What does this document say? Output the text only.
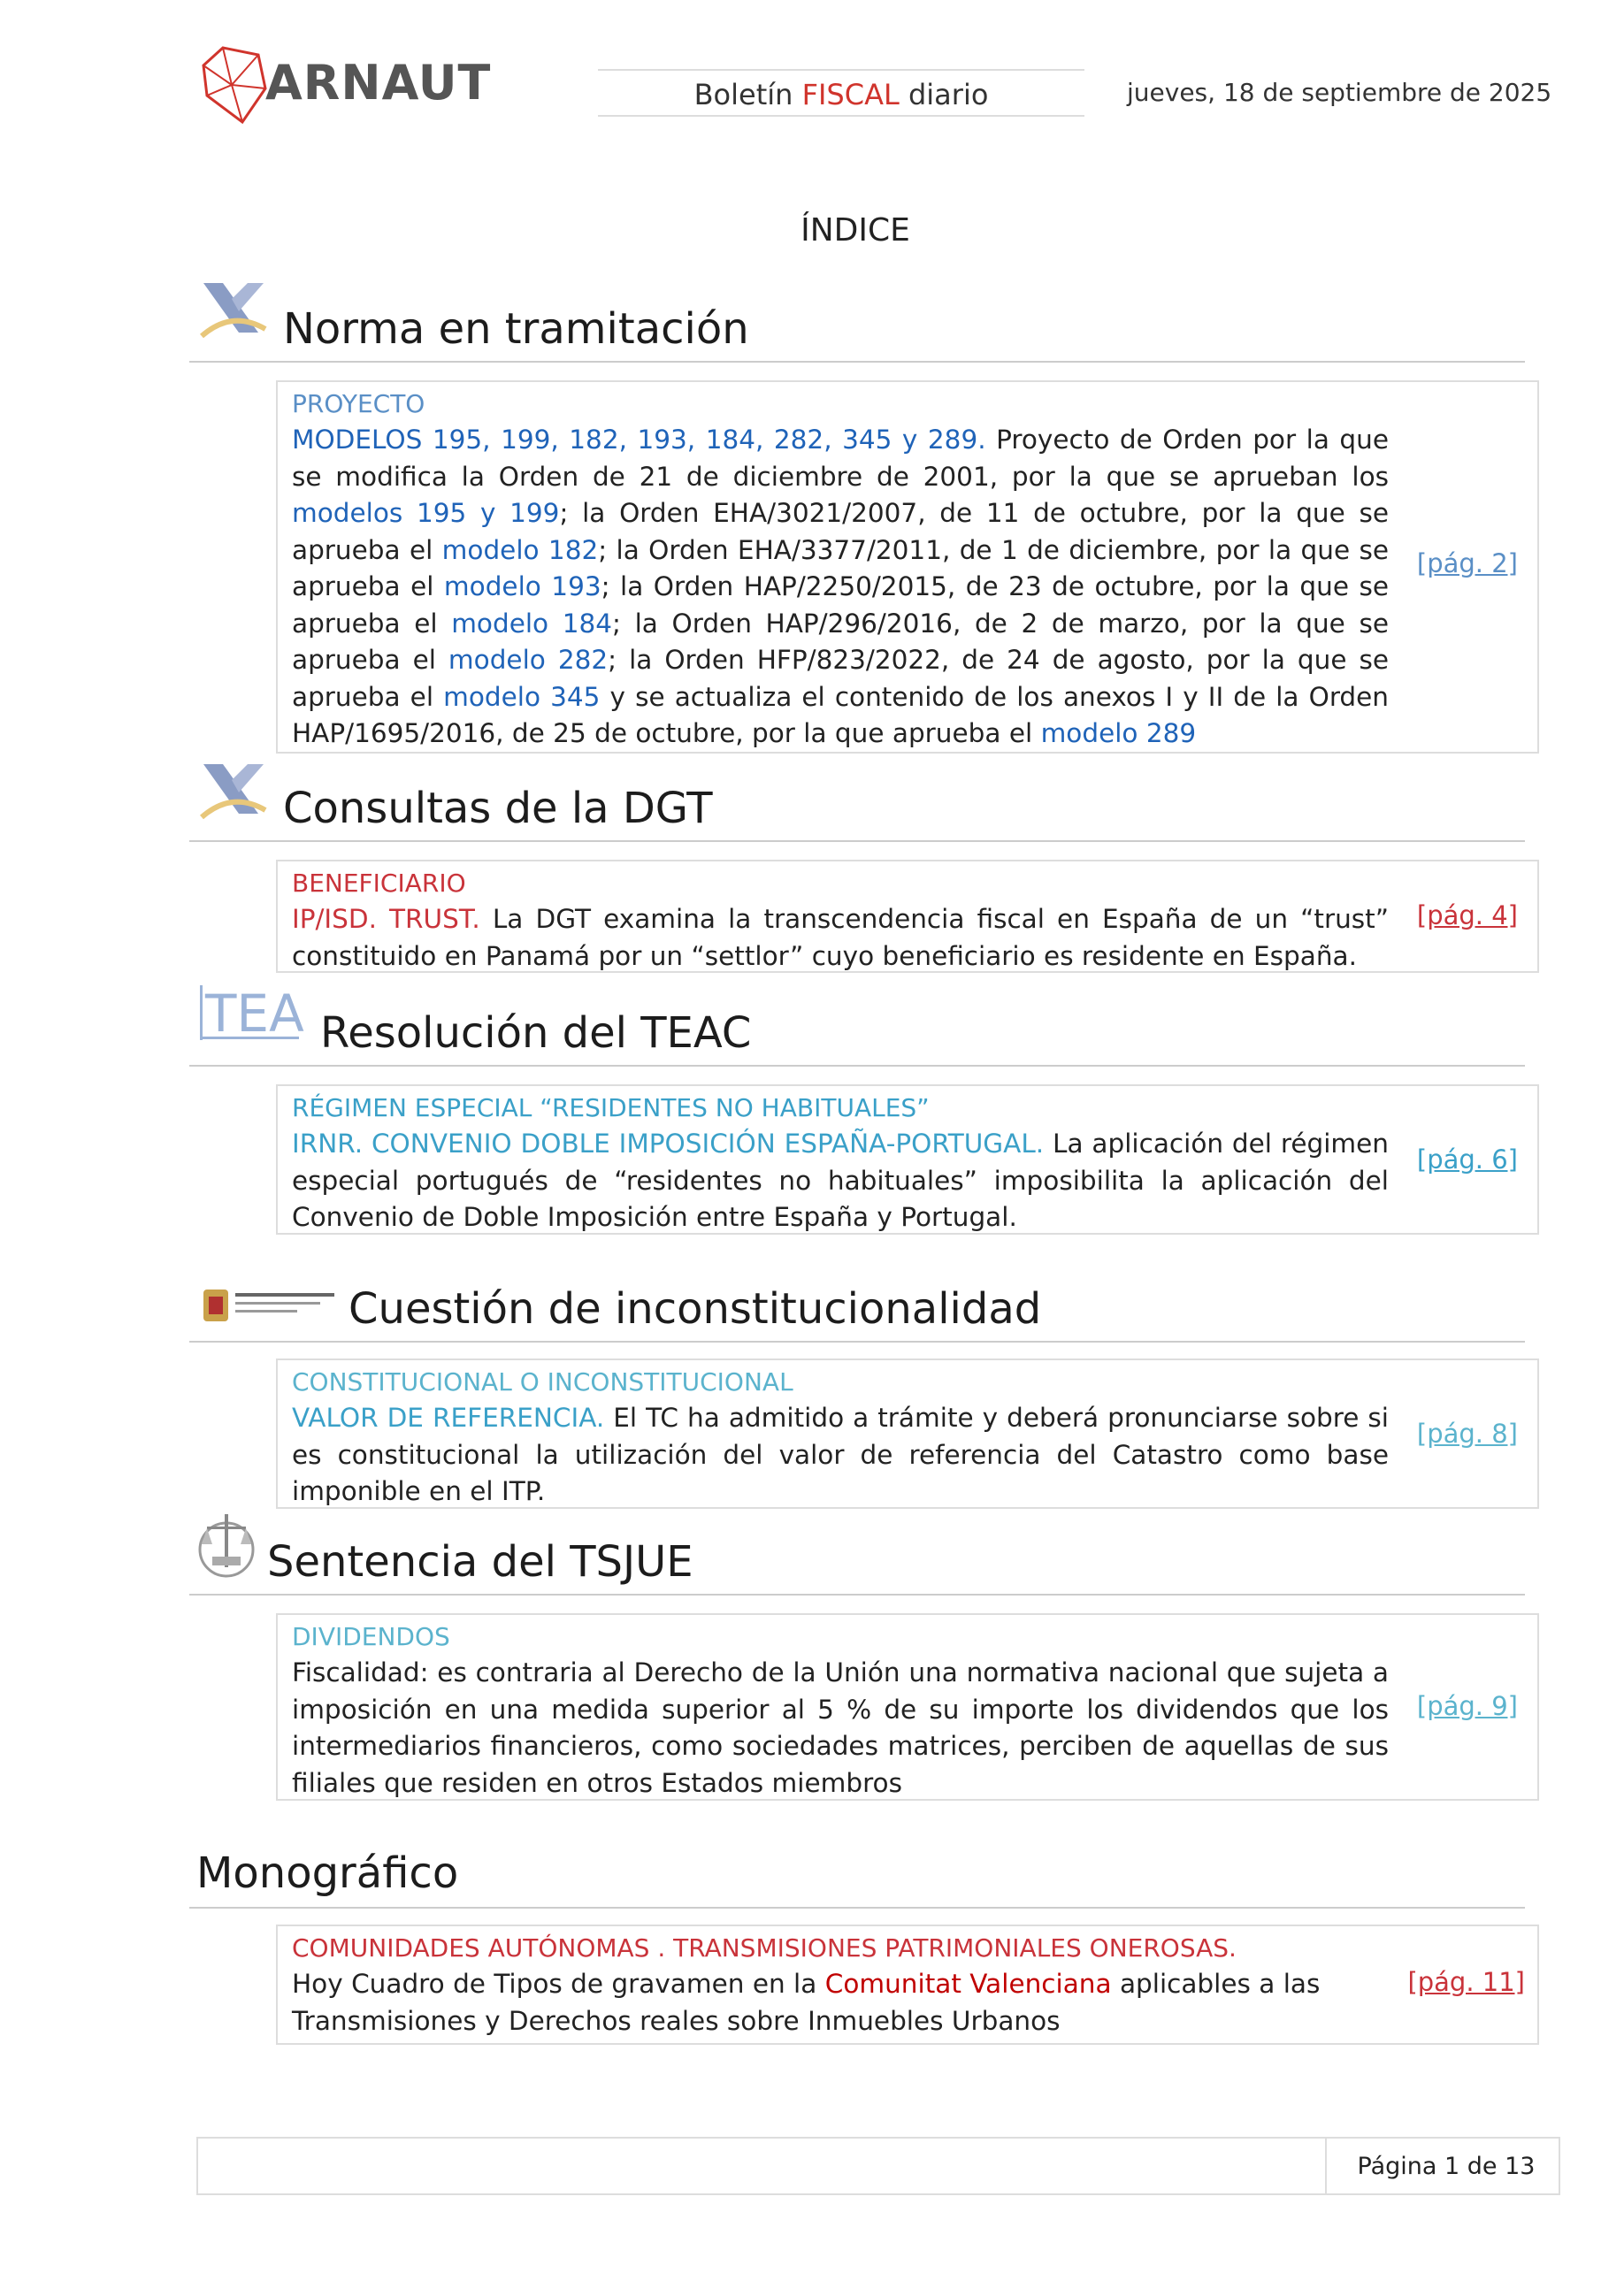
ARNAUT	Boletín FISCAL diario	jueves, 18 de septiembre de 2025
ÍNDICE
Norma en tramitación
PROYECTO
MODELOS 195, 199, 182, 193, 184, 282, 345 y 289. Proyecto de Orden por la que se modifica la Orden de 21 de diciembre de 2001, por la que se aprueban los modelos 195 y 199; la Orden EHA/3021/2007, de 11 de octubre, por la que se aprueba el modelo 182; la Orden EHA/3377/2011, de 1 de diciembre, por la que se aprueba el modelo 193; la Orden HAP/2250/2015, de 23 de octubre, por la que se aprueba el modelo 184; la Orden HAP/296/2016, de 2 de marzo, por la que se aprueba el modelo 282; la Orden HFP/823/2022, de 24 de agosto, por la que se aprueba el modelo 345 y se actualiza el contenido de los anexos I y II de la Orden HAP/1695/2016, de 25 de octubre, por la que aprueba el modelo 289
[pág. 2]
Consultas de la DGT
BENEFICIARIO
IP/ISD. TRUST. La DGT examina la transcendencia fiscal en España de un “trust” constituido en Panamá por un “settlor” cuyo beneficiario es residente en España.
[pág. 4]
TEA Resolución del TEAC
RÉGIMEN ESPECIAL “RESIDENTES NO HABITUALES”
IRNR. CONVENIO DOBLE IMPOSICIÓN ESPAÑA-PORTUGAL. La aplicación del régimen especial portugués de “residentes no habituales” imposibilita la aplicación del Convenio de Doble Imposición entre España y Portugal.
[pág. 6]
Cuestión de inconstitucionalidad
CONSTITUCIONAL O INCONSTITUCIONAL
VALOR DE REFERENCIA. El TC ha admitido a trámite y deberá pronunciarse sobre si es constitucional la utilización del valor de referencia del Catastro como base imponible en el ITP.
[pág. 8]
Sentencia del TSJUE
DIVIDENDOS
Fiscalidad: es contraria al Derecho de la Unión una normativa nacional que sujeta a imposición en una medida superior al 5 % de su importe los dividendos que los intermediarios financieros, como sociedades matrices, perciben de aquellas de sus filiales que residen en otros Estados miembros
[pág. 9]
Monográfico
COMUNIDADES AUTÓNOMAS . TRANSMISIONES PATRIMONIALES ONEROSAS.
Hoy Cuadro de Tipos de gravamen en la Comunitat Valenciana aplicables a las Transmisiones y Derechos reales sobre Inmuebles Urbanos
[pág. 11]
Página 1 de 13
